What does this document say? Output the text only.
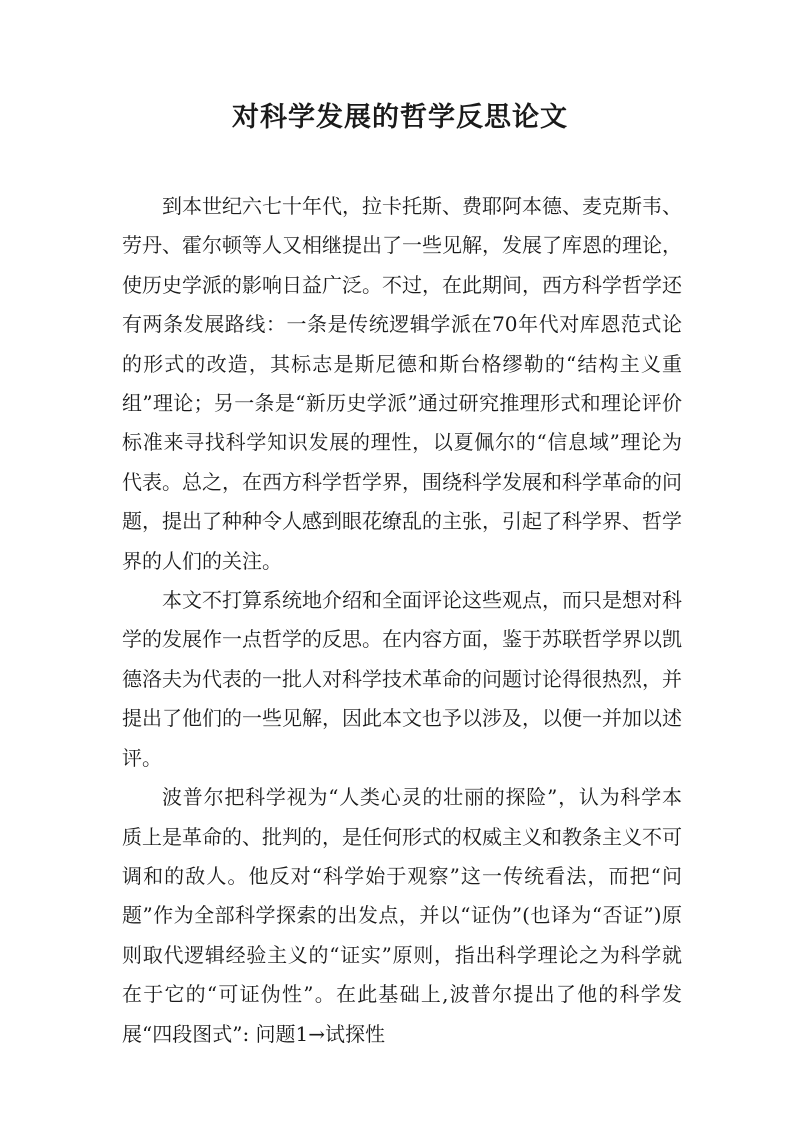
对科学发展的哲学反思论文

到本世纪六七十年代，拉卡托斯、费耶阿本德、麦克斯韦、劳丹、霍尔顿等人又相继提出了一些见解，发展了库恩的理论，使历史学派的影响日益广泛。不过，在此期间，西方科学哲学还有两条发展路线：一条是传统逻辑学派在70年代对库恩范式论的形式的改造，其标志是斯尼德和斯台格缪勒的“结构主义重组”理论；另一条是“新历史学派”通过研究推理形式和理论评价标准来寻找科学知识发展的理性，以夏佩尔的“信息域”理论为代表。总之，在西方科学哲学界，围绕科学发展和科学革命的问题，提出了种种令人感到眼花缭乱的主张，引起了科学界、哲学界的人们的关注。

本文不打算系统地介绍和全面评论这些观点，而只是想对科学的发展作一点哲学的反思。在内容方面，鉴于苏联哲学界以凯德洛夫为代表的一批人对科学技术革命的问题讨论得很热烈，并提出了他们的一些见解，因此本文也予以涉及，以便一并加以述评。

波普尔把科学视为“人类心灵的壮丽的探险”，认为科学本质上是革命的、批判的，是任何形式的权威主义和教条主义不可调和的敌人。他反对“科学始于观察”这一传统看法，而把“问题”作为全部科学探索的出发点，并以“证伪”(也译为“否证”)原则取代逻辑经验主义的“证实”原则，指出科学理论之为科学就在于它的“可证伪性”。在此基础上,波普尔提出了他的科学发展“四段图式”: 问题1→试探性
